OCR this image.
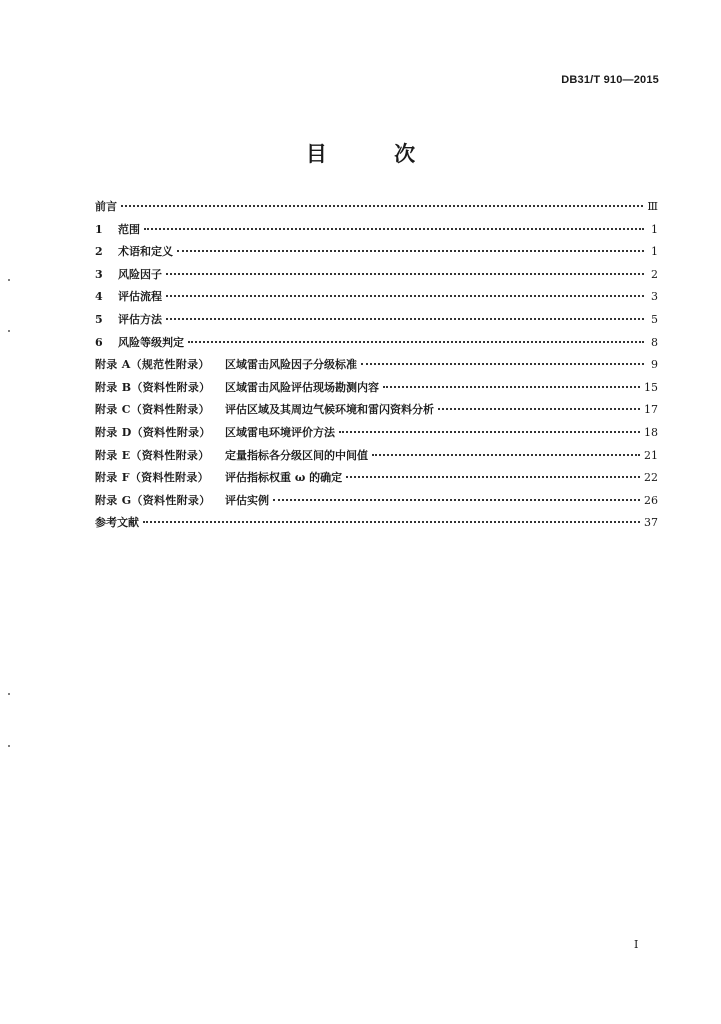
DB31/T 910—2015
目 次
前言	Ⅲ
1	范围	1
2	术语和定义	1
3	风险因子	2
4	评估流程	3
5	评估方法	5
6	风险等级判定	8
附录 A（规范性附录）	区域雷击风险因子分级标准	9
附录 B（资料性附录）	区域雷击风险评估现场勘测内容	15
附录 C（资料性附录）	评估区域及其周边气候环境和雷闪资料分析	17
附录 D（资料性附录）	区域雷电环境评价方法	18
附录 E（资料性附录）	定量指标各分级区间的中间值	21
附录 F（资料性附录）	评估指标权重 ω 的确定	22
附录 G（资料性附录）	评估实例	26
参考文献	37
I
